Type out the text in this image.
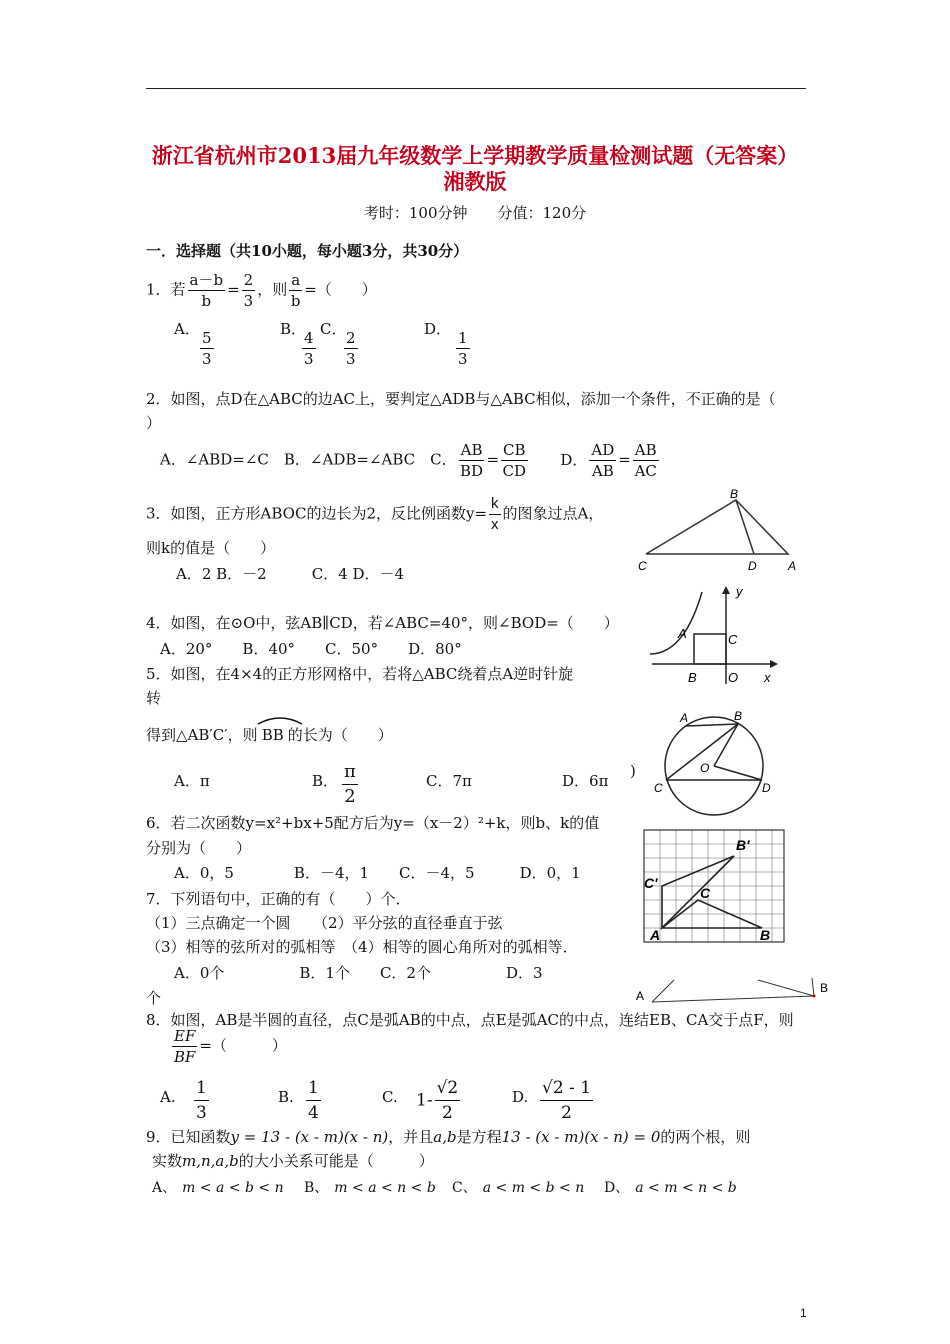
浙江省杭州市2013届九年级数学上学期教学质量检测试题（无答案）
湘教版
考时：100分钟　　分值：120分
一．选择题（共10小题，每小题3分，共30分）
1．若 $\frac{a-b}{b} = \frac{2}{3}$ ，则 $\frac{a}{b}$ =（　　）
A． $\frac{5}{3}$	B．
$\frac{4}{3}$ C．
$\frac{2}{3}$	D． $\frac{1}{3}$
2．如图，点D在△ABC的边AC上，要判定△ADB与△ABC相似，添加一个条件，不正确的是（
）
A．∠ABD=∠C　B．∠ADB=∠ABC　C． $\frac{AB}{BD} = \frac{CB}{CD}$ D． $\frac{AD}{AB} = \frac{AB}{AC}$
3．如图，正方形ABOC的边长为2，反比例函数$y= \frac{k}{x}$ 的图象过点A，
则k的值是（　　）
A．2 B．－2　　　C．4 D．－4
4．如图，在⊙O中，弦AB∥CD，若∠ABC=40°，则∠BOD=（　　）
A．20°　　B．40°　　C．50°　　D．80°
5．如图，在4×4的正方形网格中，若将△ABC绕着点A逆时针旋
转
得到△AB′C′，则 BB 的长为（　　）
A．π	B． $\frac{\pi}{2}$	C．7π	D．6π
)
6．若二次函数y=x²+bx+5配方后为y=（x－2）²+k，则b、k的值
分别为（　　）
A．0，5　　　　B．－4，1　　C．－4，5　　　D．0，1
7．下列语句中，正确的有（　　）个．
（1）三点确定一个圆　　（2）平分弦的直径垂直于弦
（3）相等的弦所对的弧相等　（4）相等的圆心角所对的弧相等．
A．0个　　　　　B．1个　　C．2个　　　　　D．3
个
8．如图，AB是半圆的直径，点C是弧AB的中点，点E是弧AC的中点，连结EB、CA交于点F，则
$\frac{EF}{BF}$ =（　　　）
A. $\frac{1}{3}$	B. $\frac{1}{4}$	C. $1- \frac{√2}{2}$	D. $\frac{√2 - 1}{2}$
9．已知函数y = 13 - (x - m)(x - n)，并且a,b是方程13 - (x - m)(x - n) = 0的两个根，则
实数m,n,a,b的大小关系可能是（　　　）
A、 m < a < b < n B、 m < a < n < b C、 a < m < b < n D、 a < m < n < b
B
C	D	A
y
x
A	C
B O
A	B
O
C	D
B′
C′
C
A	B
A
B
1
